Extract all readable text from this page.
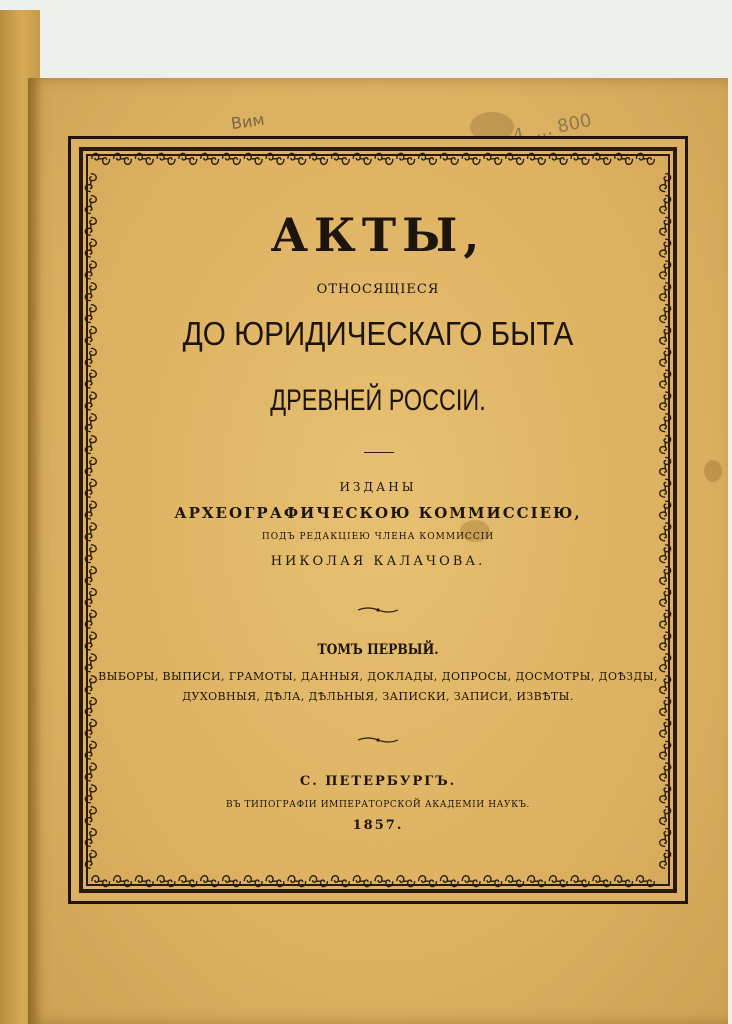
Вим	4. ... 800
АКТЫ,
ОТНОСЯЩІЕСЯ
ДО ЮРИДИЧЕСКАГО БЫТА
ДРЕВНЕЙ РОССІИ.
ИЗДАНЫ
АРХЕОГРАФИЧЕСКОЮ КОММИССІЕЮ,
ПОДЪ РЕДАКЦІЕЮ ЧЛЕНА КОММИССІИ
НИКОЛАЯ КАЛАЧОВА.
ТОМЪ ПЕРВЫЙ.
ВЫБОРЫ, ВЫПИСИ, ГРАМОТЫ, ДАННЫЯ, ДОКЛАДЫ, ДОПРОСЫ, ДОСМОТРЫ, ДОѢЗДЫ,
ДУХОВНЫЯ, ДѢЛА, ДѢЛЬНЫЯ, ЗАПИСКИ, ЗАПИСИ, ИЗВѢТЫ.
С. ПЕТЕРБУРГЪ.
ВЪ ТИПОГРАФІИ ИМПЕРАТОРСКОЙ АКАДЕМІИ НАУКЪ.
1857.
